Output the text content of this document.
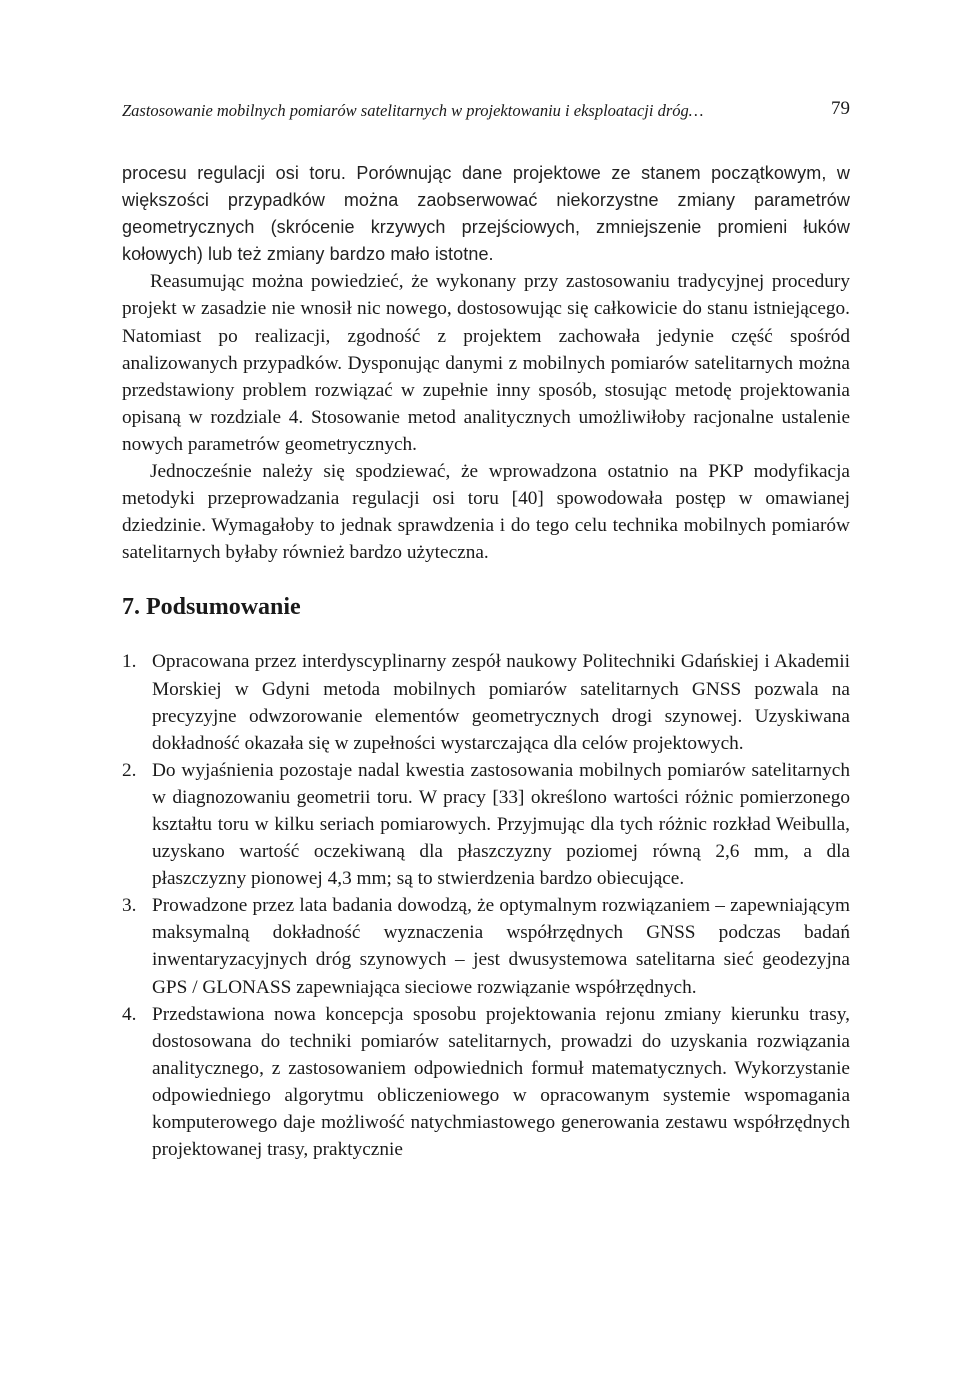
Zastosowanie mobilnych pomiarów satelitarnych w projektowaniu i eksploatacji dróg…	79

procesu regulacji osi toru. Porównując dane projektowe ze stanem początkowym, w większości przypadków można zaobserwować niekorzystne zmiany parametrów geometrycznych (skrócenie krzywych przejściowych, zmniejszenie promieni łuków kołowych) lub też zmiany bardzo mało istotne.

Reasumując można powiedzieć, że wykonany przy zastosowaniu tradycyjnej procedury projekt w zasadzie nie wnosił nic nowego, dostosowując się całkowicie do stanu istniejącego. Natomiast po realizacji, zgodność z projektem zachowała jedynie część spośród analizowanych przypadków. Dysponując danymi z mobilnych pomiarów satelitarnych można przedstawiony problem rozwiązać w zupełnie inny sposób, stosując metodę projektowania opisaną w rozdziale 4. Stosowanie metod analitycznych umożliwiłoby racjonalne ustalenie nowych parametrów geometrycznych.

Jednocześnie należy się spodziewać, że wprowadzona ostatnio na PKP modyfikacja metodyki przeprowadzania regulacji osi toru [40] spowodowała postęp w omawianej dziedzinie. Wymagałoby to jednak sprawdzenia i do tego celu technika mobilnych pomiarów satelitarnych byłaby również bardzo użyteczna.

7. Podsumowanie
1. Opracowana przez interdyscyplinarny zespół naukowy Politechniki Gdańskiej i Akademii Morskiej w Gdyni metoda mobilnych pomiarów satelitarnych GNSS pozwala na precyzyjne odwzorowanie elementów geometrycznych drogi szynowej. Uzyskiwana dokładność okazała się w zupełności wystarczająca dla celów projektowych.
2. Do wyjaśnienia pozostaje nadal kwestia zastosowania mobilnych pomiarów satelitarnych w diagnozowaniu geometrii toru. W pracy [33] określono wartości różnic pomierzonego kształtu toru w kilku seriach pomiarowych. Przyjmując dla tych różnic rozkład Weibulla, uzyskano wartość oczekiwaną dla płaszczyzny poziomej równą 2,6 mm, a dla płaszczyzny pionowej 4,3 mm; są to stwierdzenia bardzo obiecujące.
3. Prowadzone przez lata badania dowodzą, że optymalnym rozwiązaniem – zapewniającym maksymalną dokładność wyznaczenia współrzędnych GNSS podczas badań inwentaryzacyjnych dróg szynowych – jest dwusystemowa satelitarna sieć geodezyjna GPS / GLONASS zapewniająca sieciowe rozwiązanie współrzędnych.
4. Przedstawiona nowa koncepcja sposobu projektowania rejonu zmiany kierunku trasy, dostosowana do techniki pomiarów satelitarnych, prowadzi do uzyskania rozwiązania analitycznego, z zastosowaniem odpowiednich formuł matematycznych. Wykorzystanie odpowiedniego algorytmu obliczeniowego w opracowanym systemie wspomagania komputerowego daje możliwość natychmiastowego generowania zestawu współrzędnych projektowanej trasy, praktycznie
